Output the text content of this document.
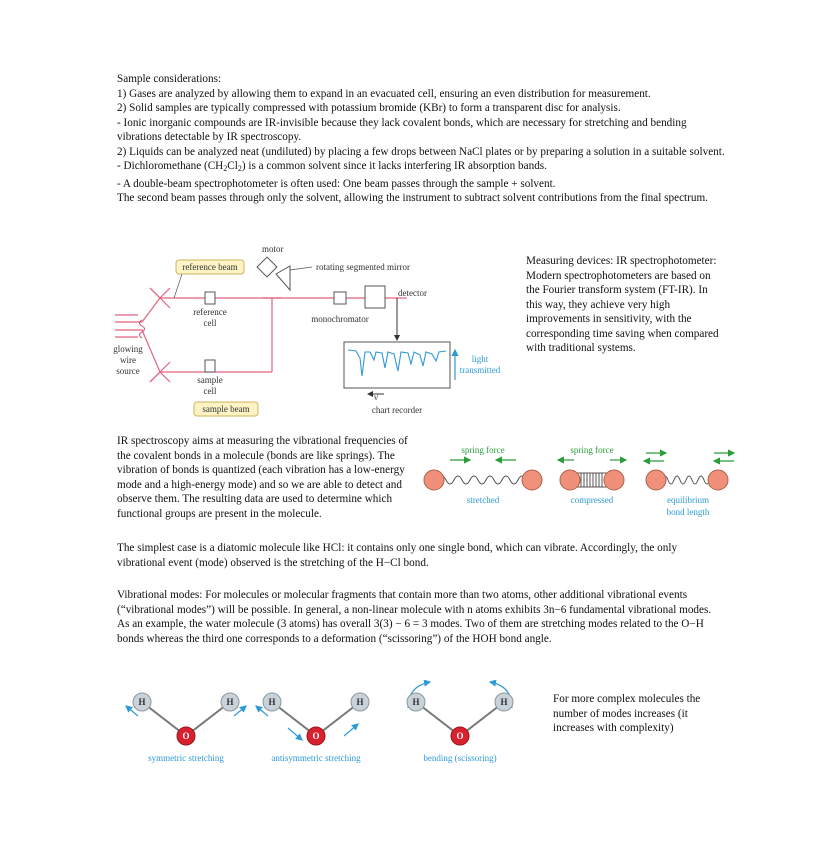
Sample considerations:

1) Gases are analyzed by allowing them to expand in an evacuated cell, ensuring an even distribution for measurement.

2) Solid samples are typically compressed with potassium bromide (KBr) to form a transparent disc for analysis.

- Ionic inorganic compounds are IR-invisible because they lack covalent bonds, which are necessary for stretching and bending vibrations detectable by IR spectroscopy.

2) Liquids can be analyzed neat (undiluted) by placing a few drops between NaCl plates or by preparing a solution in a suitable solvent.

- Dichloromethane $(CH_2Cl_2)$ is a common solvent since it lacks interfering IR absorption bands.

- A double-beam spectrophotometer is often used: One beam passes through the sample + solvent.

The second beam passes through only the solvent, allowing the instrument to subtract solvent contributions from the final spectrum.

motor
rotating segmented mirror
reference beam
detector
reference
cell	monochromator
glowing
wire
source
sample
cell
sample beam
light
transmitted
ν̄
chart recorder

Measuring devices: IR spectrophotometer: Modern spectrophotometers are based on the Fourier transform system (FT-IR). In this way, they achieve very high improvements in sensitivity, with the corresponding time saving when compared with traditional systems.

IR spectroscopy aims at measuring the vibrational frequencies of the covalent bonds in a molecule (bonds are like springs). The vibration of bonds is quantized (each vibration has a low-energy mode and a high-energy mode) and so we are able to detect and observe them. The resulting data are used to determine which functional groups are present in the molecule.

spring force
stretched
spring force
compressed	equilibrium
bond length

The simplest case is a diatomic molecule like HCl: it contains only one single bond, which can vibrate. Accordingly, the only vibrational event (mode) observed is the stretching of the H−Cl bond.

Vibrational modes: For molecules or molecular fragments that contain more than two atoms, other additional vibrational events (“vibrational modes”) will be possible. In general, a non-linear molecule with n atoms exhibits 3n−6 fundamental vibrational modes. As an example, the water molecule (3 atoms) has overall 3(3) − 6 = 3 modes. Two of them are stretching modes related to the O−H bonds whereas the third one corresponds to a deformation (“scissoring”) of the HOH bond angle.

H	H
O
symmetric stretching
H	H
O
antisymmetric stretching
H	H
O
bending (scissoring)

For more complex molecules the number of modes increases (it increases with complexity)
